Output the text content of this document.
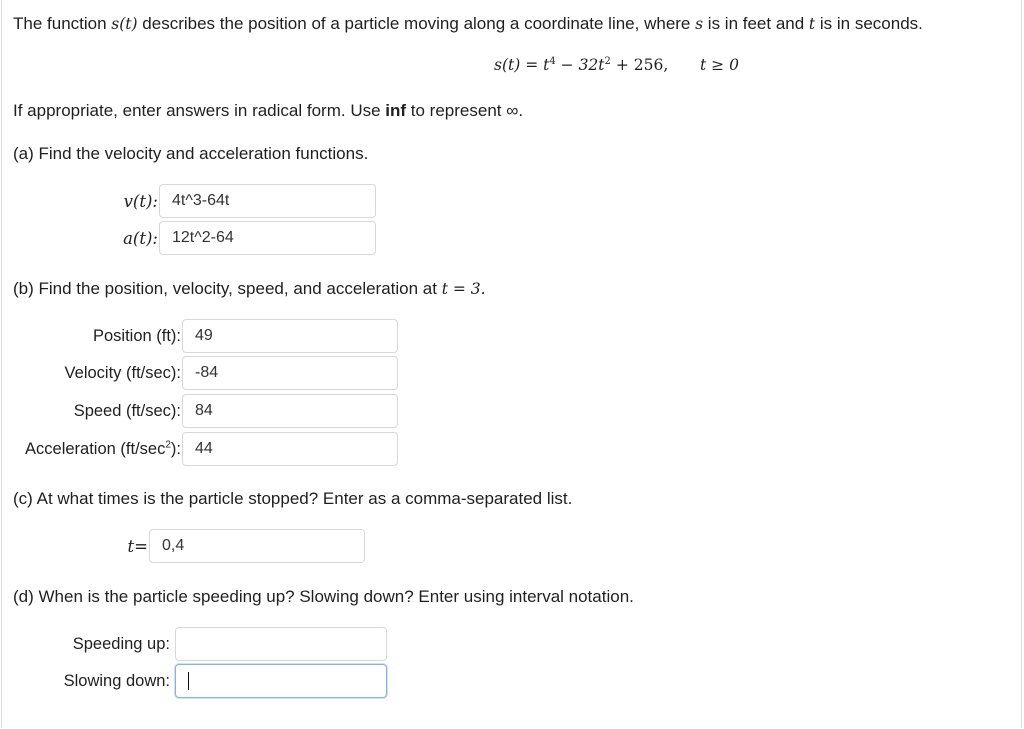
The function s(t) describes the position of a particle moving along a coordinate line, where s is in feet and t is in seconds.
$s(t) = t^4 - 32t^2 + 256$, t ≥ 0
If appropriate, enter answers in radical form. Use inf to represent ∞.
(a) Find the velocity and acceleration functions.
v(t): 4t^3-64t
a(t): 12t^2-64
(b) Find the position, velocity, speed, and acceleration at t = 3.
Position (ft): 49
Velocity (ft/sec): -84
Speed (ft/sec): 84
Acceleration $(ft/\sec^2)$: 44
(c) At what times is the particle stopped? Enter as a comma-separated list.
t= 0,4
(d) When is the particle speeding up? Slowing down? Enter using interval notation.
Speeding up:
Slowing down:
